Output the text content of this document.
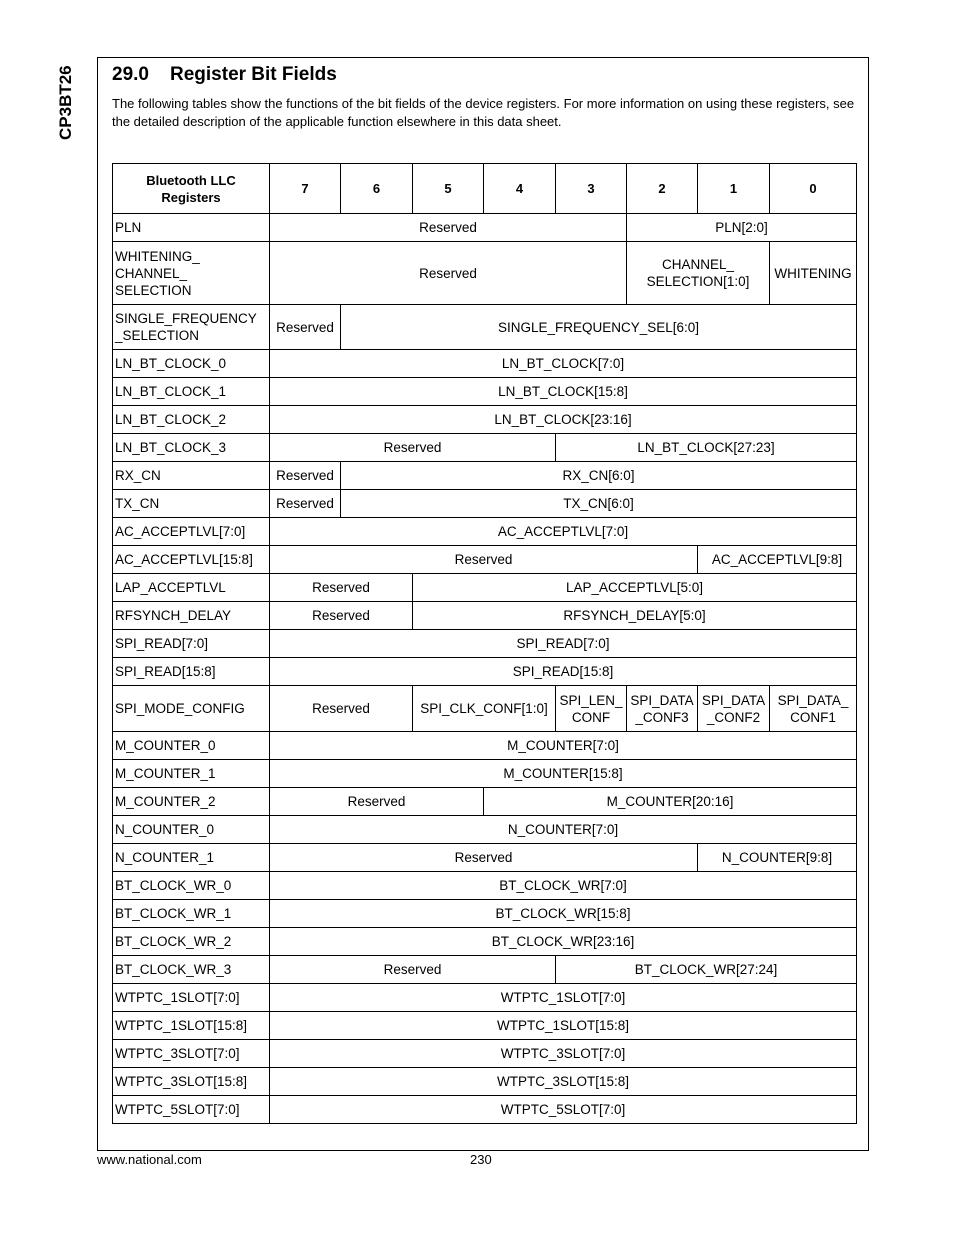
CP3BT26 29.0 Register Bit Fields
The following tables show the functions of the bit fields of the device registers. For more information on using these registers, see the detailed description of the applicable function elsewhere in this data sheet.
Bluetooth LLC Registers	7	6	5	4	3	2	1	0
PLN	Reserved					PLN[2:0]		
WHITENING_ CHANNEL_ SELECTION	Reserved					CHANNEL_ SELECTION[1:0]		WHITENING
SINGLE_FREQUENCY _SELECTION	Reserved	SINGLE_FREQUENCY_SEL[6:0]						
LN_BT_CLOCK_0	LN_BT_CLOCK[7:0]							
LN_BT_CLOCK_1	LN_BT_CLOCK[15:8]							
LN_BT_CLOCK_2	LN_BT_CLOCK[23:16]							
LN_BT_CLOCK_3	Reserved				LN_BT_CLOCK[27:23]			
RX_CN	Reserved	RX_CN[6:0]						
TX_CN	Reserved	TX_CN[6:0]						
AC_ACCEPTLVL[7:0]	AC_ACCEPTLVL[7:0]							
AC_ACCEPTLVL[15:8]	Reserved						AC_ACCEPTLVL[9:8]	
LAP_ACCEPTLVL	Reserved		LAP_ACCEPTLVL[5:0]					
RFSYNCH_DELAY	Reserved		RFSYNCH_DELAY[5:0]					
SPI_READ[7:0]	SPI_READ[7:0]							
SPI_READ[15:8]	SPI_READ[15:8]							
SPI_MODE_CONFIG	Reserved		SPI_CLK_CONF[1:0]		SPI_LEN_ CONF	SPI_DATA _CONF3	SPI_DATA _CONF2	SPI_DATA_ CONF1
M_COUNTER_0	M_COUNTER[7:0]							
M_COUNTER_1	M_COUNTER[15:8]							
M_COUNTER_2	Reserved			M_COUNTER[20:16]				
N_COUNTER_0	N_COUNTER[7:0]							
N_COUNTER_1	Reserved						N_COUNTER[9:8]	
BT_CLOCK_WR_0	BT_CLOCK_WR[7:0]							
BT_CLOCK_WR_1	BT_CLOCK_WR[15:8]							
BT_CLOCK_WR_2	BT_CLOCK_WR[23:16]							
BT_CLOCK_WR_3	Reserved				BT_CLOCK_WR[27:24]			
WTPTC_1SLOT[7:0]	WTPTC_1SLOT[7:0]							
WTPTC_1SLOT[15:8]	WTPTC_1SLOT[15:8]							
WTPTC_3SLOT[7:0]	WTPTC_3SLOT[7:0]							
WTPTC_3SLOT[15:8]	WTPTC_3SLOT[15:8]							
WTPTC_5SLOT[7:0]	WTPTC_5SLOT[7:0]							
www.national.com	230
